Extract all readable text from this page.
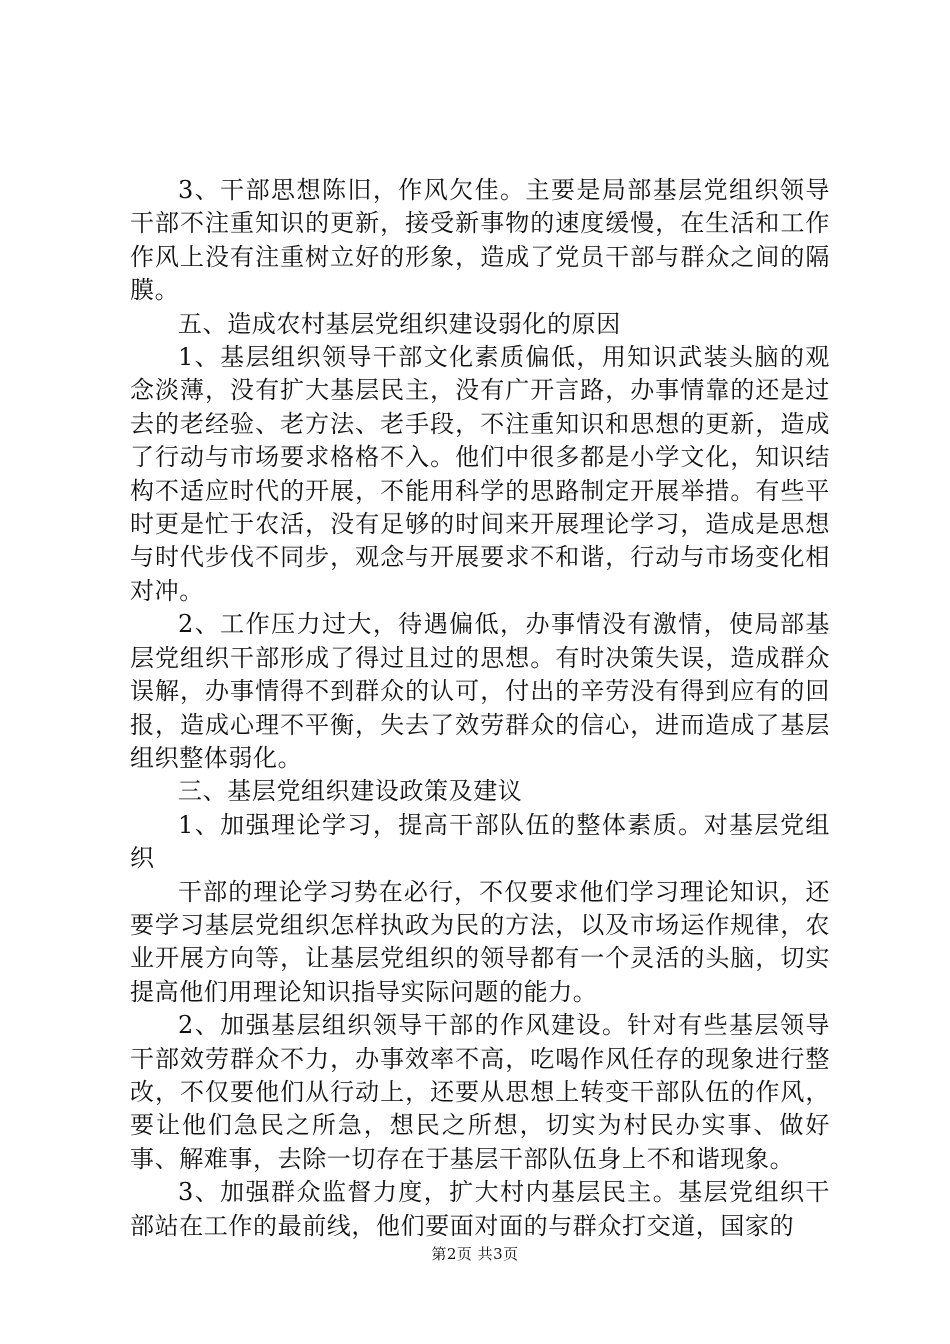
3、干部思想陈旧，作风欠佳。主要是局部基层党组织领导干部不注重知识的更新，接受新事物的速度缓慢，在生活和工作作风上没有注重树立好的形象，造成了党员干部与群众之间的隔膜。

五、造成农村基层党组织建设弱化的原因

1、基层组织领导干部文化素质偏低，用知识武装头脑的观念淡薄，没有扩大基层民主，没有广开言路，办事情靠的还是过去的老经验、老方法、老手段，不注重知识和思想的更新，造成了行动与市场要求格格不入。他们中很多都是小学文化，知识结构不适应时代的开展，不能用科学的思路制定开展举措。有些平时更是忙于农活，没有足够的时间来开展理论学习，造成是思想与时代步伐不同步，观念与开展要求不和谐，行动与市场变化相对冲。

2、工作压力过大，待遇偏低，办事情没有激情，使局部基层党组织干部形成了得过且过的思想。有时决策失误，造成群众误解，办事情得不到群众的认可，付出的辛劳没有得到应有的回报，造成心理不平衡，失去了效劳群众的信心，进而造成了基层组织整体弱化。

三、基层党组织建设政策及建议

1、加强理论学习，提高干部队伍的整体素质。对基层党组织

干部的理论学习势在必行，不仅要求他们学习理论知识，还要学习基层党组织怎样执政为民的方法，以及市场运作规律，农业开展方向等，让基层党组织的领导都有一个灵活的头脑，切实提高他们用理论知识指导实际问题的能力。

2、加强基层组织领导干部的作风建设。针对有些基层领导干部效劳群众不力，办事效率不高，吃喝作风任存的现象进行整改，不仅要他们从行动上，还要从思想上转变干部队伍的作风，要让他们急民之所急，想民之所想，切实为村民办实事、做好事、解难事，去除一切存在于基层干部队伍身上不和谐现象。

3、加强群众监督力度，扩大村内基层民主。基层党组织干部站在工作的最前线，他们要面对面的与群众打交道，国家的

第2页 共3页
